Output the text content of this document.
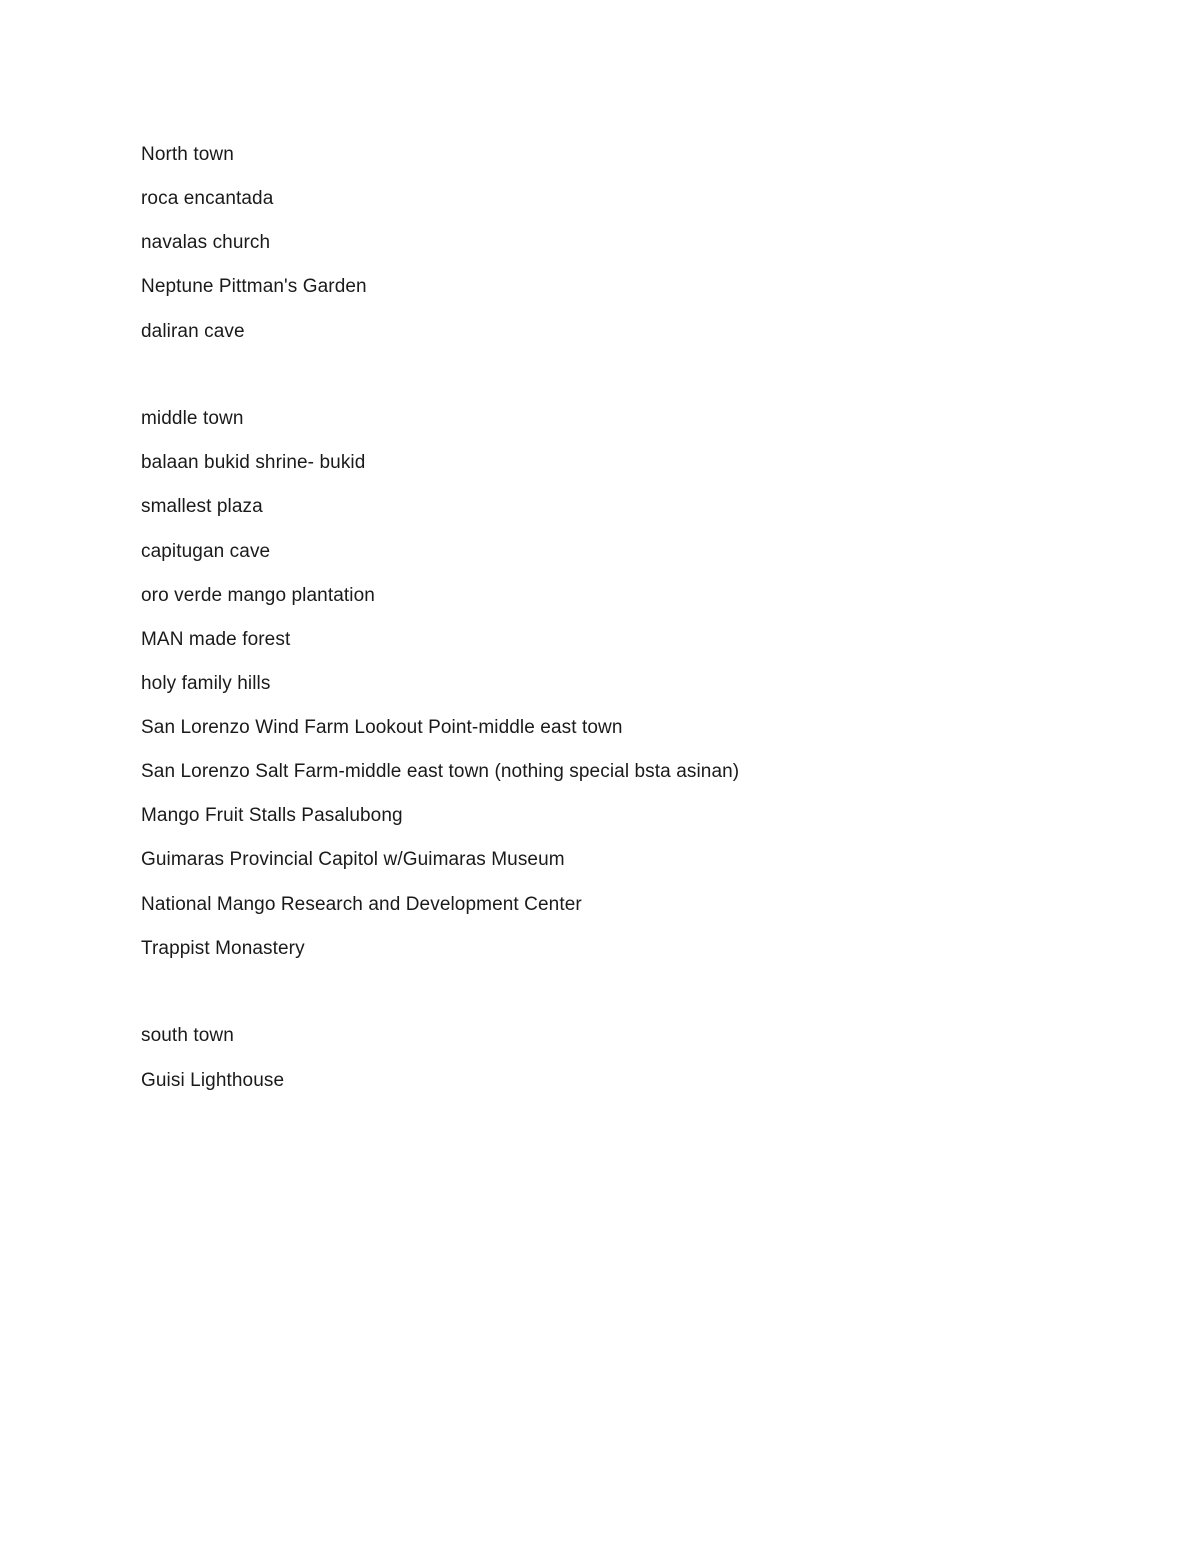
North town
roca encantada
navalas church
Neptune Pittman's Garden
daliran cave
middle town
balaan bukid shrine- bukid
smallest plaza
capitugan cave
oro verde mango plantation
MAN made forest
holy family hills
San Lorenzo Wind Farm Lookout Point-middle east town
San Lorenzo Salt Farm-middle east town (nothing special bsta asinan)
Mango Fruit Stalls Pasalubong
Guimaras Provincial Capitol w/Guimaras Museum
National Mango Research and Development Center
Trappist Monastery
south town
Guisi Lighthouse
